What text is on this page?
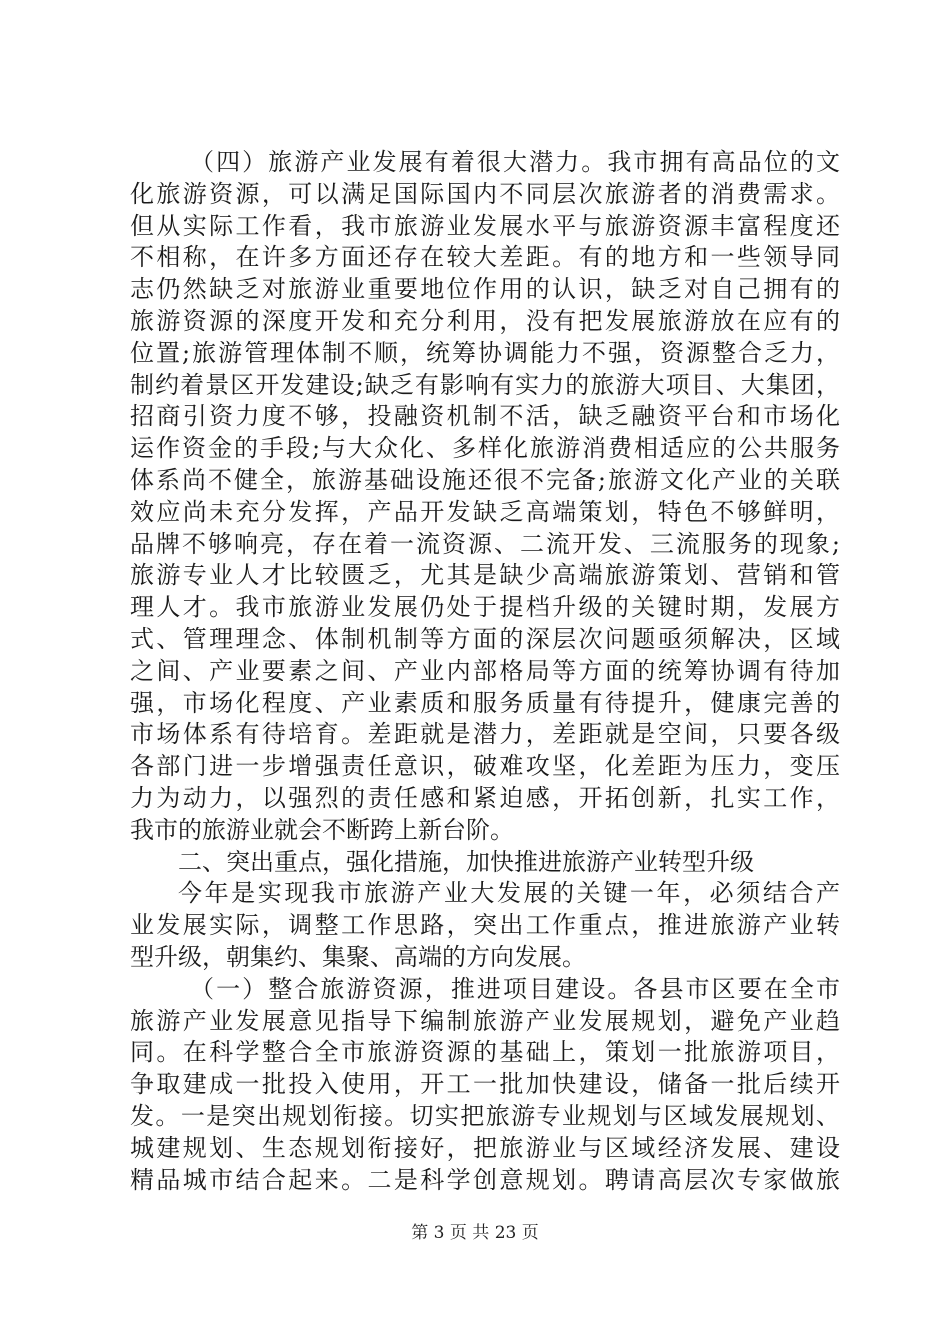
（四）旅游产业发展有着很大潜力。我市拥有高品位的文
化旅游资源，可以满足国际国内不同层次旅游者的消费需求。
但从实际工作看，我市旅游业发展水平与旅游资源丰富程度还
不相称，在许多方面还存在较大差距。有的地方和一些领导同
志仍然缺乏对旅游业重要地位作用的认识，缺乏对自己拥有的
旅游资源的深度开发和充分利用，没有把发展旅游放在应有的
位置;旅游管理体制不顺，统筹协调能力不强，资源整合乏力，
制约着景区开发建设;缺乏有影响有实力的旅游大项目、大集团，
招商引资力度不够，投融资机制不活，缺乏融资平台和市场化
运作资金的手段;与大众化、多样化旅游消费相适应的公共服务
体系尚不健全，旅游基础设施还很不完备;旅游文化产业的关联
效应尚未充分发挥，产品开发缺乏高端策划，特色不够鲜明，
品牌不够响亮，存在着一流资源、二流开发、三流服务的现象;
旅游专业人才比较匮乏，尤其是缺少高端旅游策划、营销和管
理人才。我市旅游业发展仍处于提档升级的关键时期，发展方
式、管理理念、体制机制等方面的深层次问题亟须解决，区域
之间、产业要素之间、产业内部格局等方面的统筹协调有待加
强，市场化程度、产业素质和服务质量有待提升，健康完善的
市场体系有待培育。差距就是潜力，差距就是空间，只要各级
各部门进一步增强责任意识，破难攻坚，化差距为压力，变压
力为动力，以强烈的责任感和紧迫感，开拓创新，扎实工作，
我市的旅游业就会不断跨上新台阶。
二、突出重点，强化措施，加快推进旅游产业转型升级
今年是实现我市旅游产业大发展的关键一年，必须结合产
业发展实际，调整工作思路，突出工作重点，推进旅游产业转
型升级，朝集约、集聚、高端的方向发展。
（一）整合旅游资源，推进项目建设。各县市区要在全市
旅游产业发展意见指导下编制旅游产业发展规划，避免产业趋
同。在科学整合全市旅游资源的基础上，策划一批旅游项目，
争取建成一批投入使用，开工一批加快建设，储备一批后续开
发。一是突出规划衔接。切实把旅游专业规划与区域发展规划、
城建规划、生态规划衔接好，把旅游业与区域经济发展、建设
精品城市结合起来。二是科学创意规划。聘请高层次专家做旅
第 3 页 共 23 页
